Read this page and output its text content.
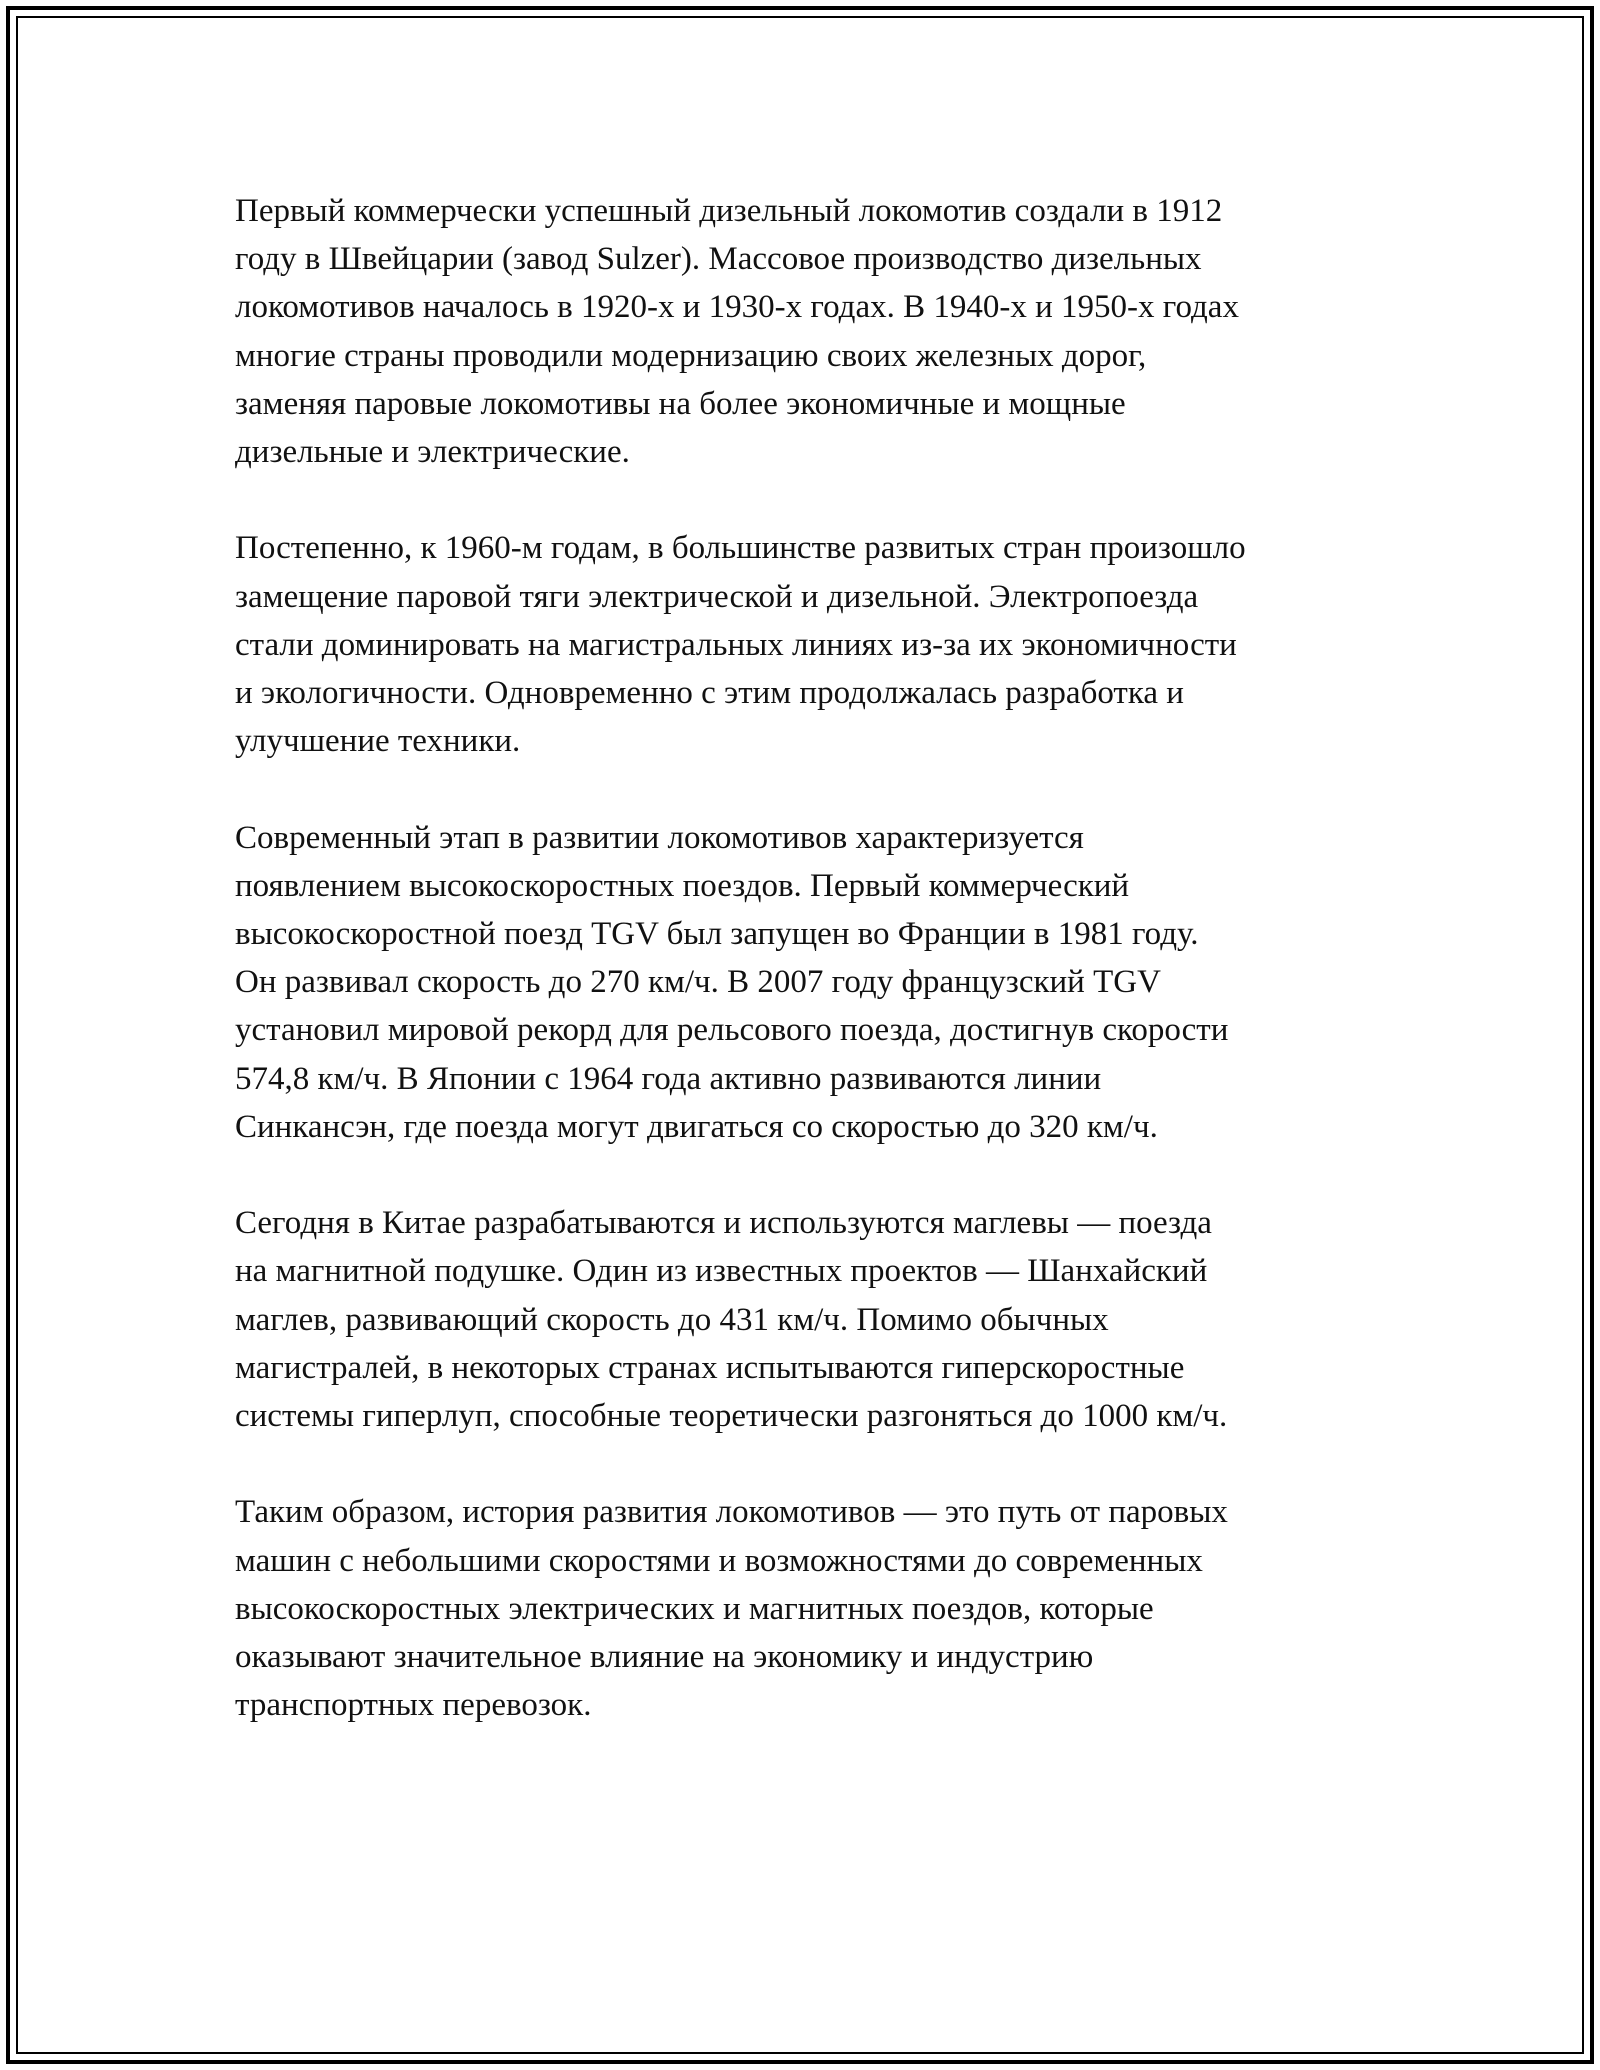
Первый коммерчески успешный дизельный локомотив создали в 1912
году в Швейцарии (завод Sulzer). Массовое производство дизельных
локомотивов началось в 1920-х и 1930-х годах. В 1940-х и 1950-х годах
многие страны проводили модернизацию своих железных дорог,
заменяя паровые локомотивы на более экономичные и мощные
дизельные и электрические.

Постепенно, к 1960-м годам, в большинстве развитых стран произошло
замещение паровой тяги электрической и дизельной. Электропоезда
стали доминировать на магистральных линиях из-за их экономичности
и экологичности. Одновременно с этим продолжалась разработка и
улучшение техники.

Современный этап в развитии локомотивов характеризуется
появлением высокоскоростных поездов. Первый коммерческий
высокоскоростной поезд TGV был запущен во Франции в 1981 году.
Он развивал скорость до 270 км/ч. В 2007 году французский TGV
установил мировой рекорд для рельсового поезда, достигнув скорости
574,8 км/ч. В Японии с 1964 года активно развиваются линии
Синкансэн, где поезда могут двигаться со скоростью до 320 км/ч.

Сегодня в Китае разрабатываются и используются маглевы — поезда
на магнитной подушке. Один из известных проектов — Шанхайский
маглев, развивающий скорость до 431 км/ч. Помимо обычных
магистралей, в некоторых странах испытываются гиперскоростные
системы гиперлуп, способные теоретически разгоняться до 1000 км/ч.

Таким образом, история развития локомотивов — это путь от паровых
машин с небольшими скоростями и возможностями до современных
высокоскоростных электрических и магнитных поездов, которые
оказывают значительное влияние на экономику и индустрию
транспортных перевозок.
